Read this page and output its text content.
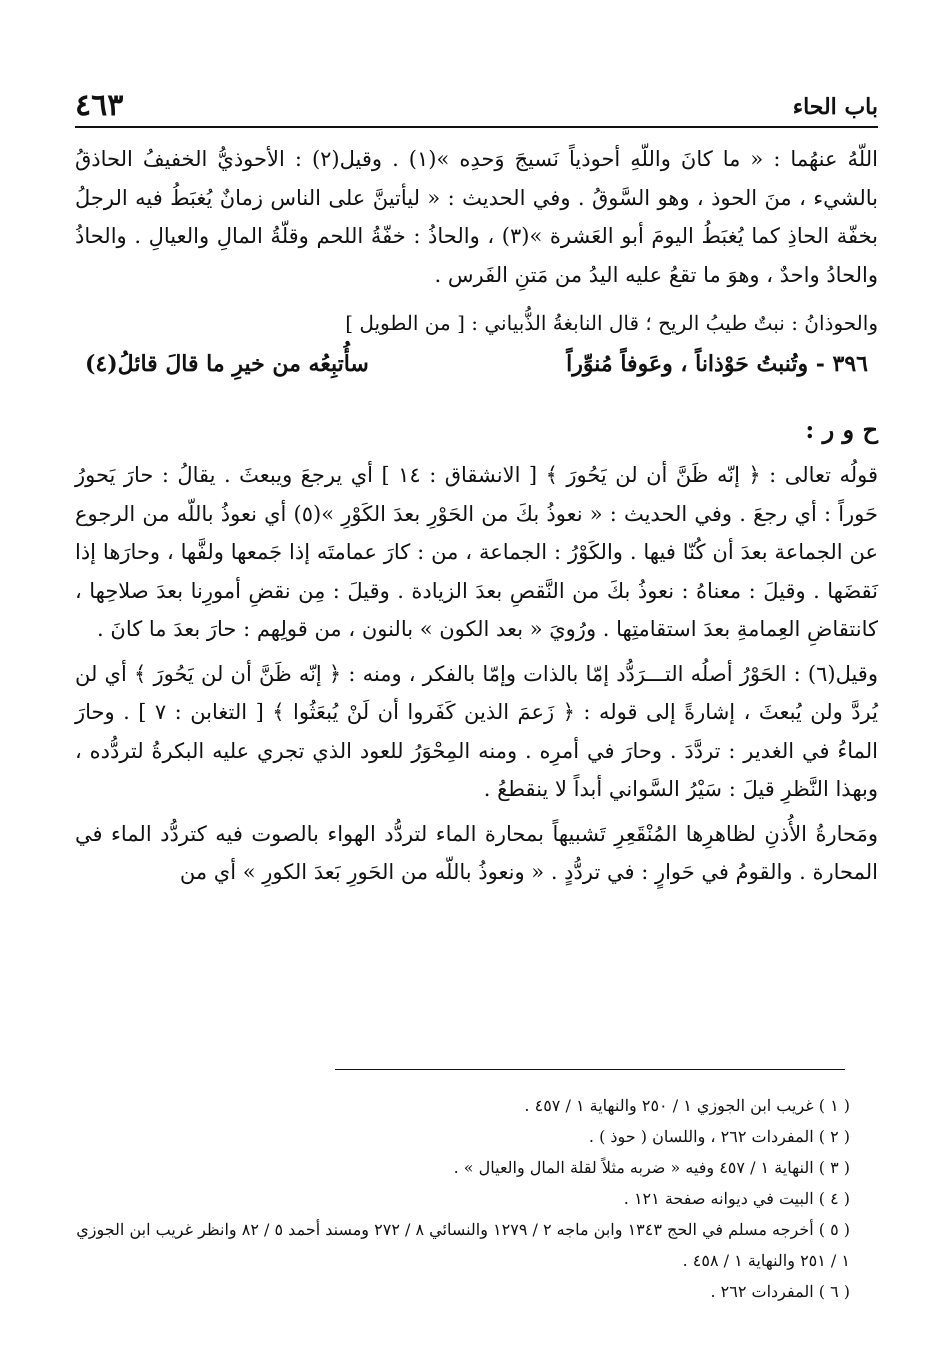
باب الحاء
٤٦٣

اللّهُ عنهُما : « ما كانَ واللّهِ أحوذياً نَسيجَ وَحدِه »(١) . وقيل(٢) : الأحوذيُّ الخفيفُ الحاذقُ بالشيء ، منَ الحوذ ، وهو السَّوقُ . وفي الحديث : « ليأتينَّ على الناس زمانٌ يُغبَطُ فيه الرجلُ بخفّة الحاذِ كما يُغبَطُ اليومَ أبو العَشرة »(٣) ، والحاذُ : خفّةُ اللحم وقلّةُ المالِ والعيالِ . والحاذُ والحادُ واحدٌ ، وهوَ ما تقعُ عليه اليدُ من مَتنِ الفَرس .

والحوذانُ : نبتٌ طيبُ الريح ؛ قال النابغةُ الذُّبياني : [ من الطويل ]
٣٩٦ - وتُنبتُ حَوْذاناً ، وعَوفاً مُنوِّراً
سأُتبِعُه من خيرِ ما قالَ قائلُ(٤)
ح و ر :

قولُه تعالى : ﴿ إنّه ظَنَّ أن لن يَحُورَ ﴾ [ الانشقاق : ١٤ ] أي يرجعَ ويبعثَ . يقالُ : حارَ يَحورُ حَوراً : أي رجعَ . وفي الحديث : « نعوذُ بكَ من الحَوْرِ بعدَ الكَوْرِ »(٥) أي نعوذُ باللّه من الرجوع عن الجماعة بعدَ أن كُنّا فيها . والكَوْرُ : الجماعة ، من : كارَ عمامتَه إذا جَمعها ولفَّها ، وحارَها إذا نَقضَها . وقيلَ : معناهُ : نعوذُ بكَ من النَّقصِ بعدَ الزيادة . وقيلَ : مِن نقضِ أمورِنا بعدَ صلاحِها ، كانتقاضِ العِمامةِ بعدَ استقامتِها . ورُويَ « بعد الكون » بالنون ، من قولِهم : حارَ بعدَ ما كانَ .

وقيل(٦) : الحَوْرُ أصلُه التـــرَدُّد إمّا بالذات وإمّا بالفكر ، ومنه : ﴿ إنّه ظَنَّ أن لن يَحُورَ ﴾ أي لن يُردَّ ولن يُبعثَ ، إشارةً إلى قوله : ﴿ زَعمَ الذين كَفَروا أن لَنْ يُبعَثُوا ﴾ [ التغابن : ٧ ] . وحارَ الماءُ في الغدير : تردَّدَ . وحارَ في أمرِه . ومنه المِحْوَرُ للعود الذي تجري عليه البكرةُ لتردُّده ، وبهذا النَّظرِ قيلَ : سَيْرُ السَّواني أبداً لا ينقطعُ .

ومَحارةُ الأُذنِ لظاهرِها المُنْقَعِرِ تَشبيهاً بمحارة الماء لتردُّد الهواء بالصوت فيه كتردُّد الماء في المحارة . والقومُ في حَوارٍ : في تردُّدٍ . « ونعوذُ باللّه من الحَورِ بَعدَ الكورِ » أي من

( ١ ) غريب ابن الجوزي ١ / ٢٥٠ والنهاية ١ / ٤٥٧ .

( ٢ ) المفردات ٢٦٢ ، واللسان ( حوذ ) .

( ٣ ) النهاية ١ / ٤٥٧ وفيه « ضربه مثلاً لقلة المال والعيال » .

( ٤ ) البيت في ديوانه صفحة ١٢١ .

( ٥ ) أخرجه مسلم في الحج ١٣٤٣ وابن ماجه ٢ / ١٢٧٩ والنسائي ٨ / ٢٧٢ ومسند أحمد ٥ / ٨٢ وانظر غريب ابن الجوزي ١ / ٢٥١ والنهاية ١ / ٤٥٨ .

( ٦ ) المفردات ٢٦٢ .
